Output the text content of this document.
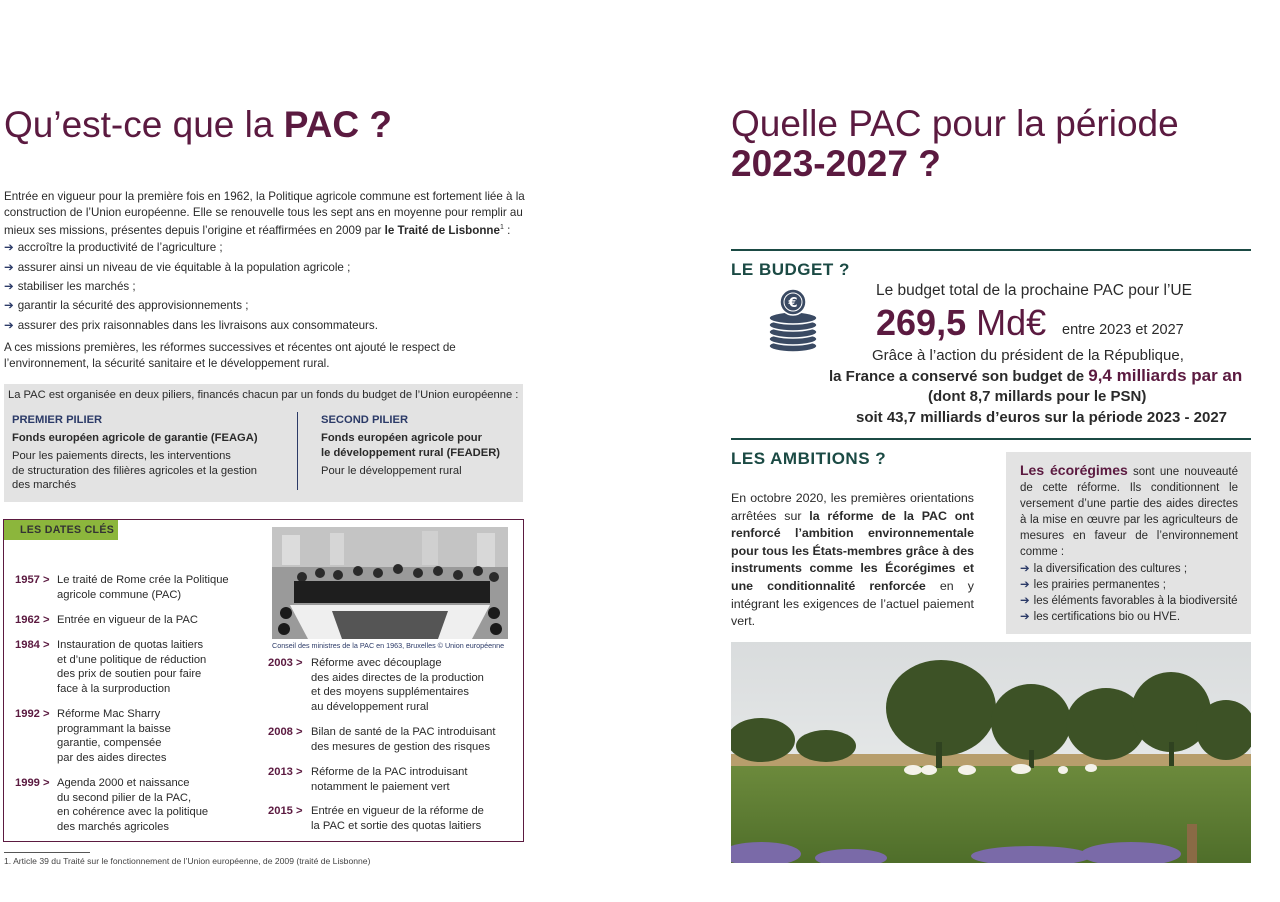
Qu’est-ce que la PAC ?
Entrée en vigueur pour la première fois en 1962, la Politique agricole commune est fortement liée à la construction de l’Union européenne. Elle se renouvelle tous les sept ans en moyenne pour remplir au mieux ses missions, présentes depuis l’origine et réaffirmées en 2009 par le Traité de Lisbonne$^1$ :
➔ accroître la productivité de l’agriculture ;
➔ assurer ainsi un niveau de vie équitable à la population agricole ;
➔ stabiliser les marchés ;
➔ garantir la sécurité des approvisionnements ;
➔ assurer des prix raisonnables dans les livraisons aux consommateurs.
A ces missions premières, les réformes successives et récentes ont ajouté le respect de l’environnement, la sécurité sanitaire et le développement rural.
La PAC est organisée en deux piliers, financés chacun par un fonds du budget de l’Union européenne :
PREMIER PILIER
Fonds européen agricole de garantie (FEAGA)
Pour les paiements directs, les interventions
de structuration des filières agricoles et la gestion
des marchés
SECOND PILIER
Fonds européen agricole pour
le développement rural (FEADER)
Pour le développement rural
LES DATES CLÉS
1957 > Le traité de Rome crée la Politique
agricole commune (PAC)
1962 > Entrée en vigueur de la PAC
1984 > Instauration de quotas laitiers
et d’une politique de réduction
des prix de soutien pour faire
face à la surproduction
1992 > Réforme Mac Sharry
programmant la baisse
garantie, compensée
par des aides directes
1999 > Agenda 2000 et naissance
du second pilier de la PAC,
en cohérence avec la politique
des marchés agricoles
Conseil des ministres de la PAC en 1963, Bruxelles © Union européenne
2003 > Réforme avec découplage
des aides directes de la production
et des moyens supplémentaires
au développement rural
2008 > Bilan de santé de la PAC introduisant
des mesures de gestion des risques
2013 > Réforme de la PAC introduisant
notamment le paiement vert
2015 > Entrée en vigueur de la réforme de
la PAC et sortie des quotas laitiers
1. Article 39 du Traité sur le fonctionnement de l’Union européenne, de 2009 (traité de Lisbonne)
Quelle PAC pour la période
2023-2027 ?
LE BUDGET ?
€
Le budget total de la prochaine PAC pour l’UE
269,5 Md€ entre 2023 et 2027
Grâce à l’action du président de la République,
la France a conservé son budget de 9,4 milliards par an
(dont 8,7 millards pour le PSN)
soit 43,7 milliards d’euros sur la période 2023 - 2027
LES AMBITIONS ?
En octobre 2020, les premières orientations arrêtées sur la réforme de la PAC ont renforcé l’ambition environnementale pour tous les États-membres grâce à des instruments comme les Écorégimes et une conditionnalité renforcée en y intégrant les exigences de l’actuel paiement vert.
Les écorégimes sont une nouveauté de cette réforme. Ils conditionnent le versement d’une partie des aides directes à la mise en œuvre par les agriculteurs de mesures en faveur de l’environnement comme :
➔ la diversification des cultures ;
➔ les prairies permanentes ;
➔ les éléments favorables à la biodiversité
➔ les certifications bio ou HVE.
